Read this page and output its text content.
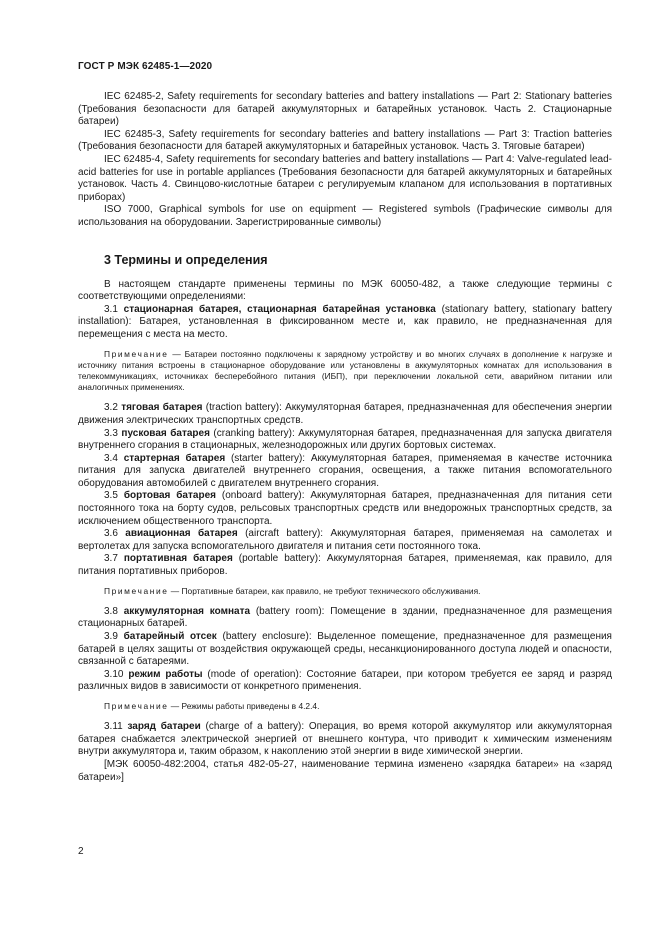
ГОСТ Р МЭК 62485-1—2020

IEC 62485-2, Safety requirements for secondary batteries and battery installations — Part 2: Stationary batteries (Требования безопасности для батарей аккумуляторных и батарейных установок. Часть 2. Стационарные батареи)

IEC 62485-3, Safety requirements for secondary batteries and battery installations — Part 3: Traction batteries (Требования безопасности для батарей аккумуляторных и батарейных установок. Часть 3. Тяговые батареи)

IEC 62485-4, Safety requirements for secondary batteries and battery installations — Part 4: Valve-regulated lead-acid batteries for use in portable appliances (Требования безопасности для батарей аккумуляторных и батарейных установок. Часть 4. Свинцово-кислотные батареи с регулируемым клапаном для использования в портативных приборах)

ISO 7000, Graphical symbols for use on equipment — Registered symbols (Графические символы для использования на оборудовании. Зарегистрированные символы)

3 Термины и определения

В настоящем стандарте применены термины по МЭК 60050-482, а также следующие термины с соответствующими определениями:

3.1 стационарная батарея, стационарная батарейная установка (stationary battery, stationary battery installation): Батарея, установленная в фиксированном месте и, как правило, не предназначенная для перемещения с места на место.

Примечание — Батареи постоянно подключены к зарядному устройству и во многих случаях в дополнение к нагрузке и источнику питания встроены в стационарное оборудование или установлены в аккумуляторных комнатах для использования в телекоммуникациях, источниках бесперебойного питания (ИБП), при переключении локальной сети, аварийном питании или аналогичных применениях.

3.2 тяговая батарея (traction battery): Аккумуляторная батарея, предназначенная для обеспечения энергии движения электрических транспортных средств.

3.3 пусковая батарея (cranking battery): Аккумуляторная батарея, предназначенная для запуска двигателя внутреннего сгорания в стационарных, железнодорожных или других бортовых системах.

3.4 стартерная батарея (starter battery): Аккумуляторная батарея, применяемая в качестве источника питания для запуска двигателей внутреннего сгорания, освещения, а также питания вспомогательного оборудования автомобилей с двигателем внутреннего сгорания.

3.5 бортовая батарея (onboard battery): Аккумуляторная батарея, предназначенная для питания сети постоянного тока на борту судов, рельсовых транспортных средств или внедорожных транспортных средств, за исключением общественного транспорта.

3.6 авиационная батарея (aircraft battery): Аккумуляторная батарея, применяемая на самолетах и вертолетах для запуска вспомогательного двигателя и питания сети постоянного тока.

3.7 портативная батарея (portable battery): Аккумуляторная батарея, применяемая, как правило, для питания портативных приборов.

Примечание — Портативные батареи, как правило, не требуют технического обслуживания.

3.8 аккумуляторная комната (battery room): Помещение в здании, предназначенное для размещения стационарных батарей.

3.9 батарейный отсек (battery enclosure): Выделенное помещение, предназначенное для размещения батарей в целях защиты от воздействия окружающей среды, несанкционированного доступа людей и опасности, связанной с батареями.

3.10 режим работы (mode of operation): Состояние батареи, при котором требуется ее заряд и разряд различных видов в зависимости от конкретного применения.

Примечание — Режимы работы приведены в 4.2.4.

3.11 заряд батареи (charge of a battery): Операция, во время которой аккумулятор или аккумуляторная батарея снабжается электрической энергией от внешнего контура, что приводит к химическим изменениям внутри аккумулятора и, таким образом, к накоплению этой энергии в виде химической энергии.

[МЭК 60050-482:2004, статья 482-05-27, наименование термина изменено «зарядка батареи» на «заряд батареи»]

2
